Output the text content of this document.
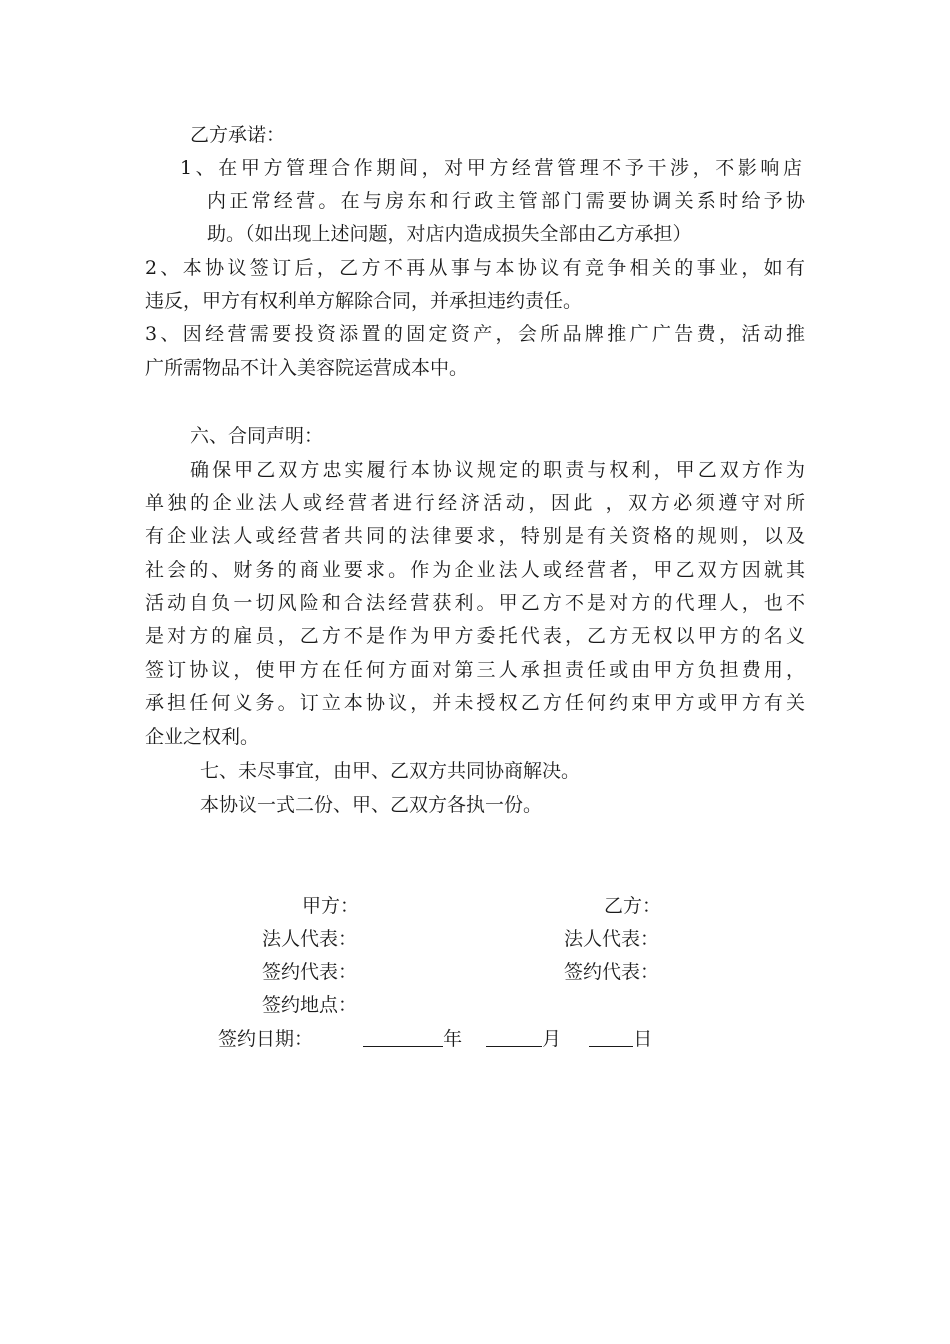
乙方承诺：
1、在甲方管理合作期间，对甲方经营管理不予干涉，不影响店
内正常经营。在与房东和行政主管部门需要协调关系时给予协
助。（如出现上述问题，对店内造成损失全部由乙方承担）
2、本协议签订后，乙方不再从事与本协议有竞争相关的事业，如有
违反，甲方有权利单方解除合同，并承担违约责任。
3、因经营需要投资添置的固定资产，会所品牌推广广告费，活动推
广所需物品不计入美容院运营成本中。
六、合同声明：
确保甲乙双方忠实履行本协议规定的职责与权利，甲乙双方作为
单独的企业法人或经营者进行经济活动，因此 ，双方必须遵守对所
有企业法人或经营者共同的法律要求，特别是有关资格的规则，以及
社会的、财务的商业要求。作为企业法人或经营者，甲乙双方因就其
活动自负一切风险和合法经营获利。甲乙方不是对方的代理人，也不
是对方的雇员，乙方不是作为甲方委托代表，乙方无权以甲方的名义
签订协议，使甲方在任何方面对第三人承担责任或由甲方负担费用，
承担任何义务。订立本协议，并未授权乙方任何约束甲方或甲方有关
企业之权利。
七、未尽事宜，由甲、乙双方共同协商解决。
本协议一式二份、甲、乙双方各执一份。
甲方：	乙方：
法人代表：	法人代表：
签约代表：	签约代表：
签约地点：
签约日期：	年	月	日
